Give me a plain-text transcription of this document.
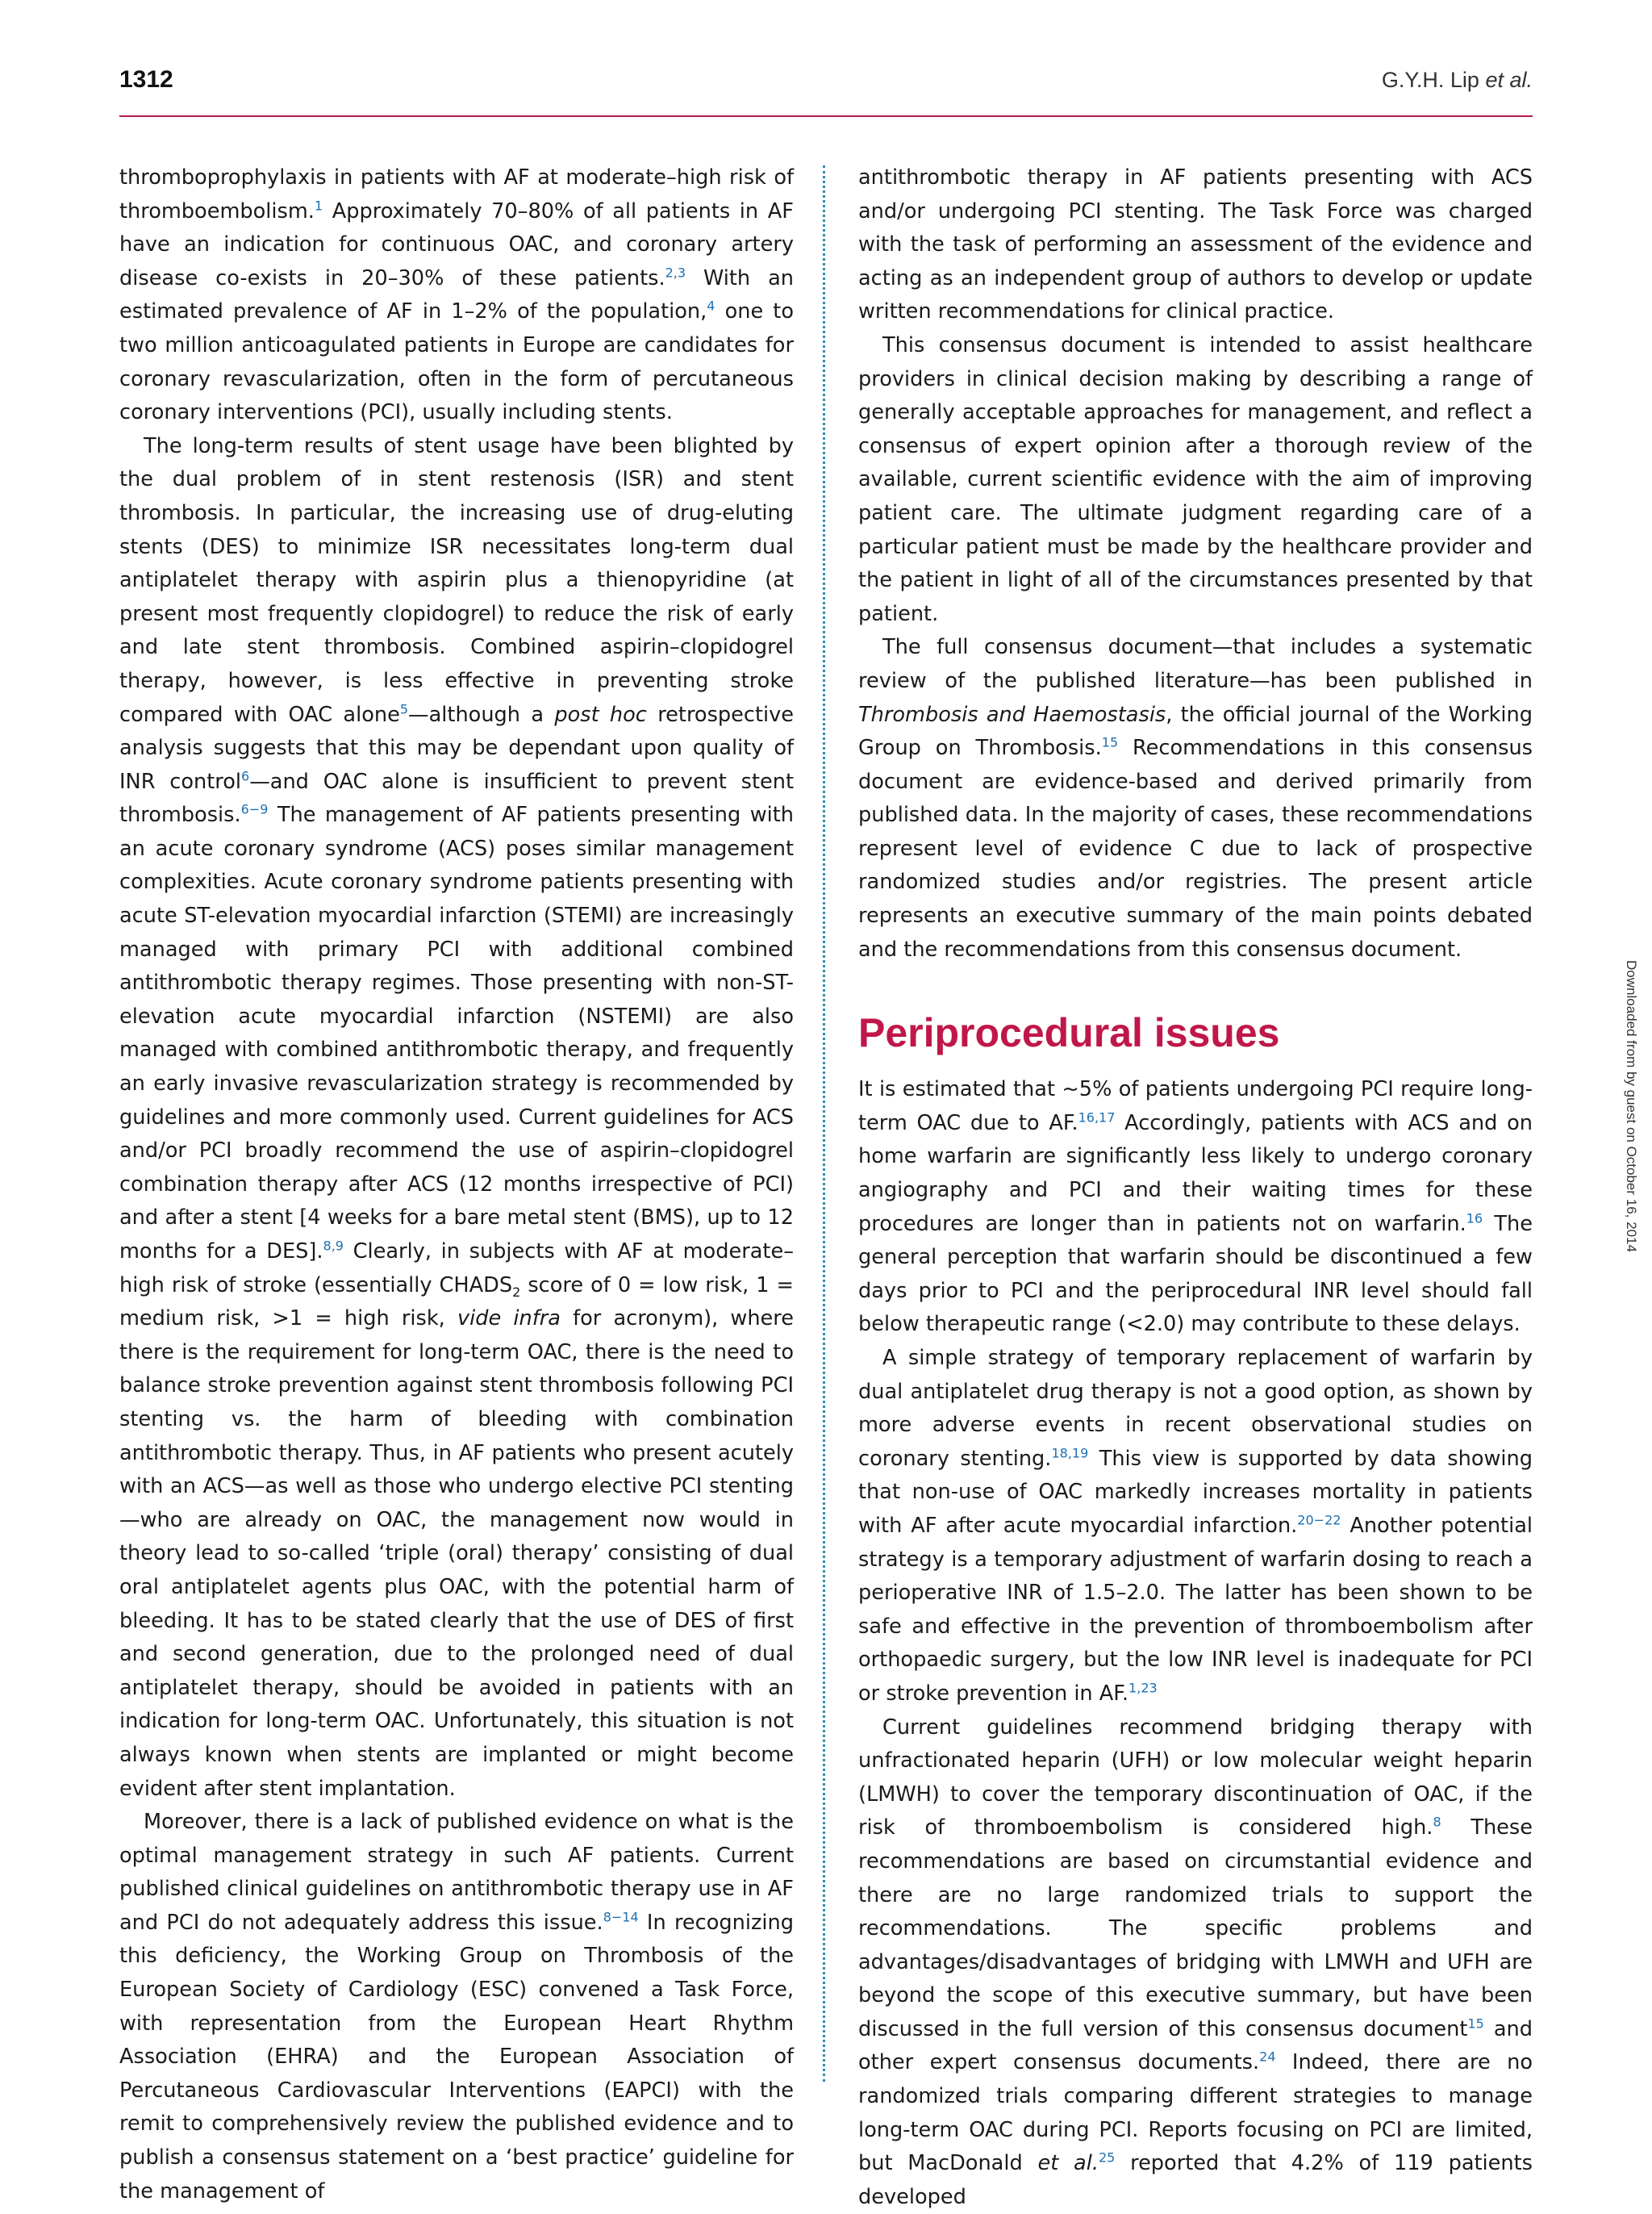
1312	G.Y.H. Lip et al.

thromboprophylaxis in patients with AF at moderate–high risk of thromboembolism.$^1$ Approximately 70–80% of all patients in AF have an indication for continuous OAC, and coronary artery disease co-exists in 20–30% of these patients.$^{2,3}$ With an estimated prevalence of AF in 1–2% of the population,$^4$ one to two million anticoagulated patients in Europe are candidates for coronary revascularization, often in the form of percutaneous coronary interventions (PCI), usually including stents.

The long-term results of stent usage have been blighted by the dual problem of in stent restenosis (ISR) and stent thrombosis. In particular, the increasing use of drug-eluting stents (DES) to minimize ISR necessitates long-term dual antiplatelet therapy with aspirin plus a thienopyridine (at present most frequently clopidogrel) to reduce the risk of early and late stent thrombosis. Combined aspirin–clopidogrel therapy, however, is less effective in preventing stroke compared with OAC alone$^5$—although a post hoc retrospective analysis suggests that this may be dependant upon quality of INR control$^6$—and OAC alone is insufficient to prevent stent thrombosis.$^{6-9}$ The management of AF patients presenting with an acute coronary syndrome (ACS) poses similar management complexities. Acute coronary syndrome patients presenting with acute ST-elevation myocardial infarction (STEMI) are increasingly managed with primary PCI with additional combined antithrombotic therapy regimes. Those presenting with non-ST-elevation acute myocardial infarction (NSTEMI) are also managed with combined antithrombotic therapy, and frequently an early invasive revascularization strategy is recommended by guidelines and more commonly used. Current guidelines for ACS and/or PCI broadly recommend the use of aspirin–clopidogrel combination therapy after ACS (12 months irrespective of PCI) and after a stent [4 weeks for a bare metal stent (BMS), up to 12 months for a DES].$^{8,9}$ Clearly, in subjects with AF at moderate–high risk of stroke (essentially $CHADS_2$ score of 0 = low risk, 1 = medium risk, >1 = high risk, vide infra for acronym), where there is the requirement for long-term OAC, there is the need to balance stroke prevention against stent thrombosis following PCI stenting vs. the harm of bleeding with combination antithrombotic therapy. Thus, in AF patients who present acutely with an ACS—as well as those who undergo elective PCI stenting—who are already on OAC, the management now would in theory lead to so-called ‘triple (oral) therapy’ consisting of dual oral antiplatelet agents plus OAC, with the potential harm of bleeding. It has to be stated clearly that the use of DES of first and second generation, due to the prolonged need of dual antiplatelet therapy, should be avoided in patients with an indication for long-term OAC. Unfortunately, this situation is not always known when stents are implanted or might become evident after stent implantation.

Moreover, there is a lack of published evidence on what is the optimal management strategy in such AF patients. Current published clinical guidelines on antithrombotic therapy use in AF and PCI do not adequately address this issue.$^{8-14}$ In recognizing this deficiency, the Working Group on Thrombosis of the European Society of Cardiology (ESC) convened a Task Force, with representation from the European Heart Rhythm Association (EHRA) and the European Association of Percutaneous Cardiovascular Interventions (EAPCI) with the remit to comprehensively review the published evidence and to publish a consensus statement on a ‘best practice’ guideline for the management of

antithrombotic therapy in AF patients presenting with ACS and/or undergoing PCI stenting. The Task Force was charged with the task of performing an assessment of the evidence and acting as an independent group of authors to develop or update written recommendations for clinical practice.

This consensus document is intended to assist healthcare providers in clinical decision making by describing a range of generally acceptable approaches for management, and reflect a consensus of expert opinion after a thorough review of the available, current scientific evidence with the aim of improving patient care. The ultimate judgment regarding care of a particular patient must be made by the healthcare provider and the patient in light of all of the circumstances presented by that patient.

The full consensus document—that includes a systematic review of the published literature—has been published in Thrombosis and Haemostasis, the official journal of the Working Group on Thrombosis.$^{15}$ Recommendations in this consensus document are evidence-based and derived primarily from published data. In the majority of cases, these recommendations represent level of evidence C due to lack of prospective randomized studies and/or registries. The present article represents an executive summary of the main points debated and the recommendations from this consensus document.

Periprocedural issues

It is estimated that ∼5% of patients undergoing PCI require long-term OAC due to AF.$^{16,17}$ Accordingly, patients with ACS and on home warfarin are significantly less likely to undergo coronary angiography and PCI and their waiting times for these procedures are longer than in patients not on warfarin.$^{16}$ The general perception that warfarin should be discontinued a few days prior to PCI and the periprocedural INR level should fall below therapeutic range (<2.0) may contribute to these delays.

A simple strategy of temporary replacement of warfarin by dual antiplatelet drug therapy is not a good option, as shown by more adverse events in recent observational studies on coronary stenting.$^{18,19}$ This view is supported by data showing that non-use of OAC markedly increases mortality in patients with AF after acute myocardial infarction.$^{20-22}$ Another potential strategy is a temporary adjustment of warfarin dosing to reach a perioperative INR of 1.5–2.0. The latter has been shown to be safe and effective in the prevention of thromboembolism after orthopaedic surgery, but the low INR level is inadequate for PCI or stroke prevention in AF.$^{1,23}$

Current guidelines recommend bridging therapy with unfractionated heparin (UFH) or low molecular weight heparin (LMWH) to cover the temporary discontinuation of OAC, if the risk of thromboembolism is considered high.$^8$ These recommendations are based on circumstantial evidence and there are no large randomized trials to support the recommendations. The specific problems and advantages/disadvantages of bridging with LMWH and UFH are beyond the scope of this executive summary, but have been discussed in the full version of this consensus document$^{15}$ and other expert consensus documents.$^{24}$ Indeed, there are no randomized trials comparing different strategies to manage long-term OAC during PCI. Reports focusing on PCI are limited, but MacDonald et al.$^{25}$ reported that 4.2% of 119 patients developed

Downloaded from by guest on October 16, 2014
